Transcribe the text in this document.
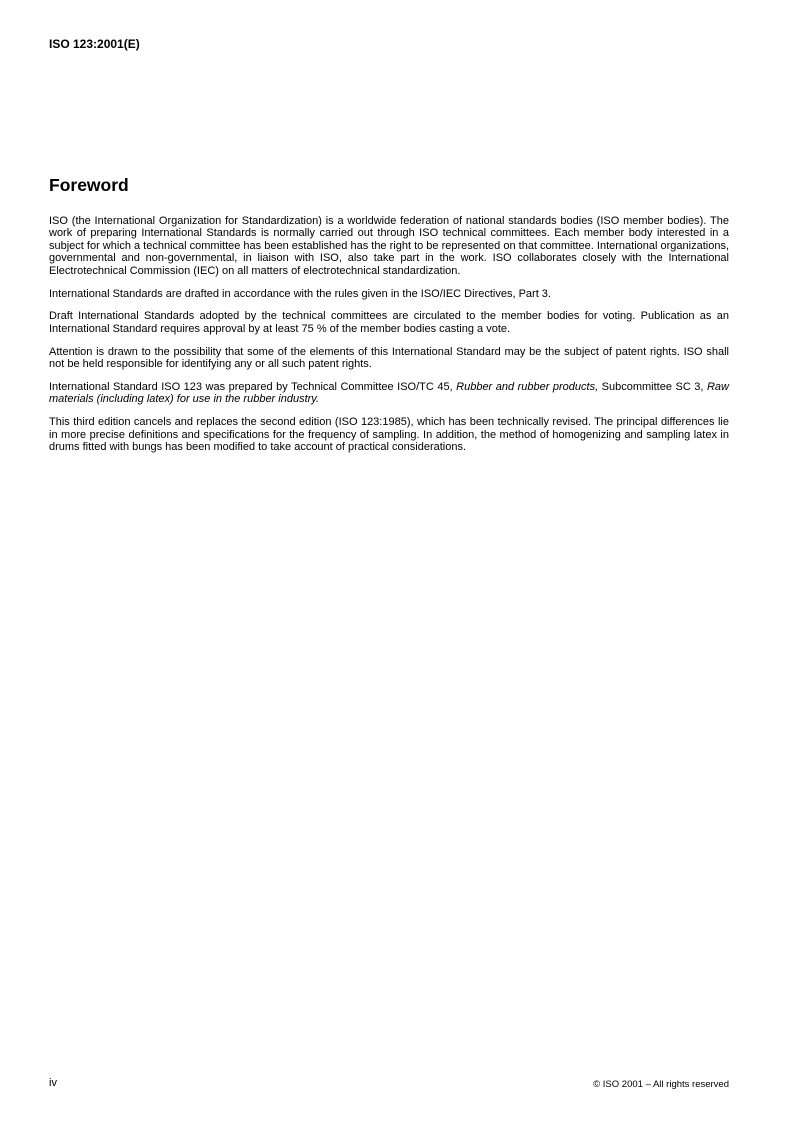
ISO 123:2001(E)
Foreword

ISO (the International Organization for Standardization) is a worldwide federation of national standards bodies (ISO member bodies). The work of preparing International Standards is normally carried out through ISO technical committees. Each member body interested in a subject for which a technical committee has been established has the right to be represented on that committee. International organizations, governmental and non-governmental, in liaison with ISO, also take part in the work. ISO collaborates closely with the International Electrotechnical Commission (IEC) on all matters of electrotechnical standardization.

International Standards are drafted in accordance with the rules given in the ISO/IEC Directives, Part 3.

Draft International Standards adopted by the technical committees are circulated to the member bodies for voting. Publication as an International Standard requires approval by at least 75 % of the member bodies casting a vote.

Attention is drawn to the possibility that some of the elements of this International Standard may be the subject of patent rights. ISO shall not be held responsible for identifying any or all such patent rights.

International Standard ISO 123 was prepared by Technical Committee ISO/TC 45, Rubber and rubber products, Subcommittee SC 3, Raw materials (including latex) for use in the rubber industry.

This third edition cancels and replaces the second edition (ISO 123:1985), which has been technically revised. The principal differences lie in more precise definitions and specifications for the frequency of sampling. In addition, the method of homogenizing and sampling latex in drums fitted with bungs has been modified to take account of practical considerations.

iv	© ISO 2001 – All rights reserved
